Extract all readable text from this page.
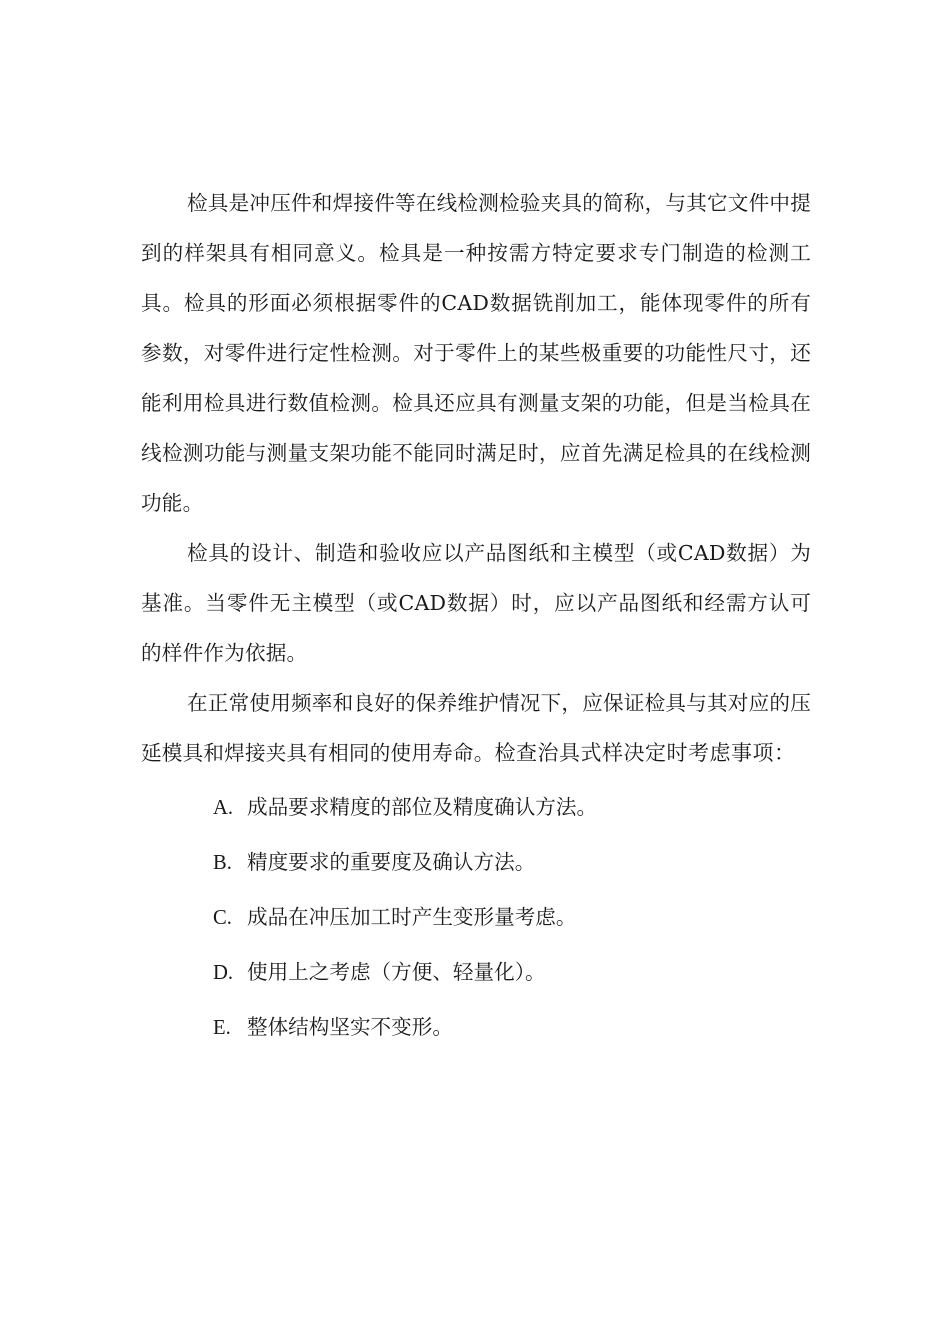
检具是冲压件和焊接件等在线检测检验夹具的简称，与其它文件中提到的样架具有相同意义。检具是一种按需方特定要求专门制造的检测工具。检具的形面必须根据零件的CAD数据铣削加工，能体现零件的所有参数，对零件进行定性检测。对于零件上的某些极重要的功能性尺寸，还能利用检具进行数值检测。检具还应具有测量支架的功能，但是当检具在线检测功能与测量支架功能不能同时满足时，应首先满足检具的在线检测功能。

检具的设计、制造和验收应以产品图纸和主模型（或CAD数据）为基准。当零件无主模型（或CAD数据）时，应以产品图纸和经需方认可的样件作为依据。

在正常使用频率和良好的保养维护情况下，应保证检具与其对应的压延模具和焊接夹具有相同的使用寿命。检查治具式样决定时考虑事项：

A. 成品要求精度的部位及精度确认方法。
B. 精度要求的重要度及确认方法。
C. 成品在冲压加工时产生变形量考虑。
D. 使用上之考虑（方便、轻量化）。
E. 整体结构坚实不变形。
